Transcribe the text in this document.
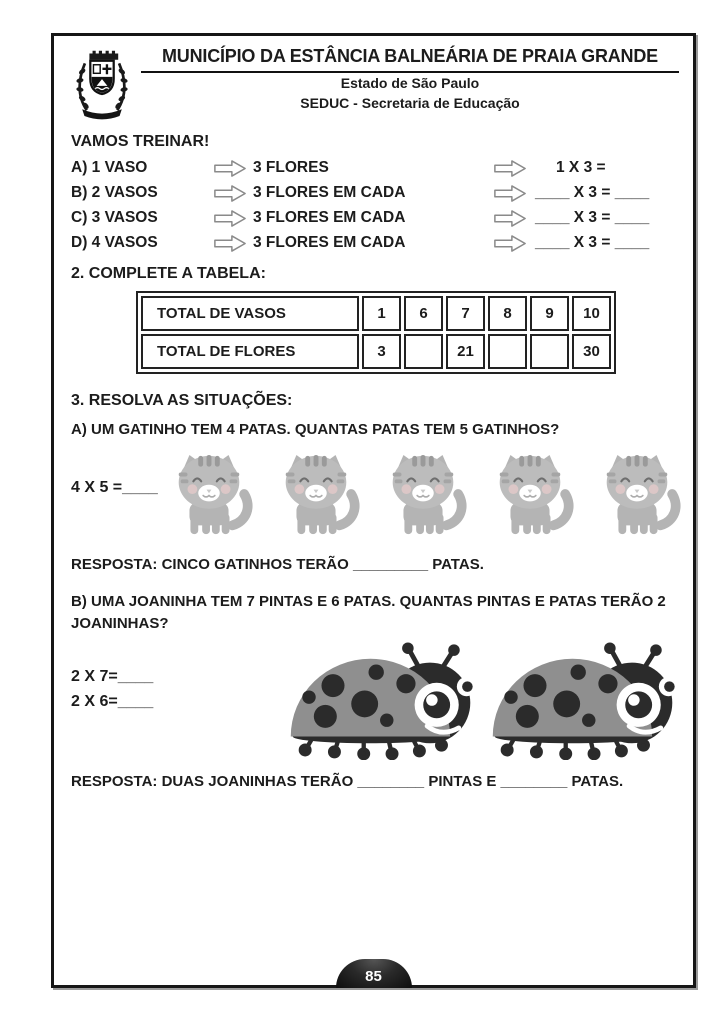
MUNICÍPIO DA ESTÂNCIA BALNEÁRIA DE PRAIA GRANDE
Estado de São Paulo
SEDUC - Secretaria de Educação
VAMOS TREINAR!
A) 1 VASO	3 FLORES	1 X 3 =
B) 2 VASOS	3 FLORES EM CADA	____ X 3 = ____
C) 3 VASOS	3 FLORES EM CADA	____ X 3 = ____
D) 4 VASOS	3 FLORES EM CADA	____ X 3 = ____
2. COMPLETE A TABELA:
TOTAL DE VASOS	1	6	7	8	9	10
TOTAL DE FLORES	3		21			30
3. RESOLVA AS SITUAÇÕES:
A) UM GATINHO TEM 4 PATAS. QUANTAS PATAS TEM 5 GATINHOS?
4 X 5 =____
RESPOSTA: CINCO GATINHOS TERÃO _________ PATAS.
B) UMA JOANINHA TEM 7 PINTAS E 6 PATAS. QUANTAS PINTAS E PATAS TERÃO 2 JOANINHAS?
2 X 7=____
2 X 6=____
RESPOSTA: DUAS JOANINHAS TERÃO ________ PINTAS E ________ PATAS.
85
